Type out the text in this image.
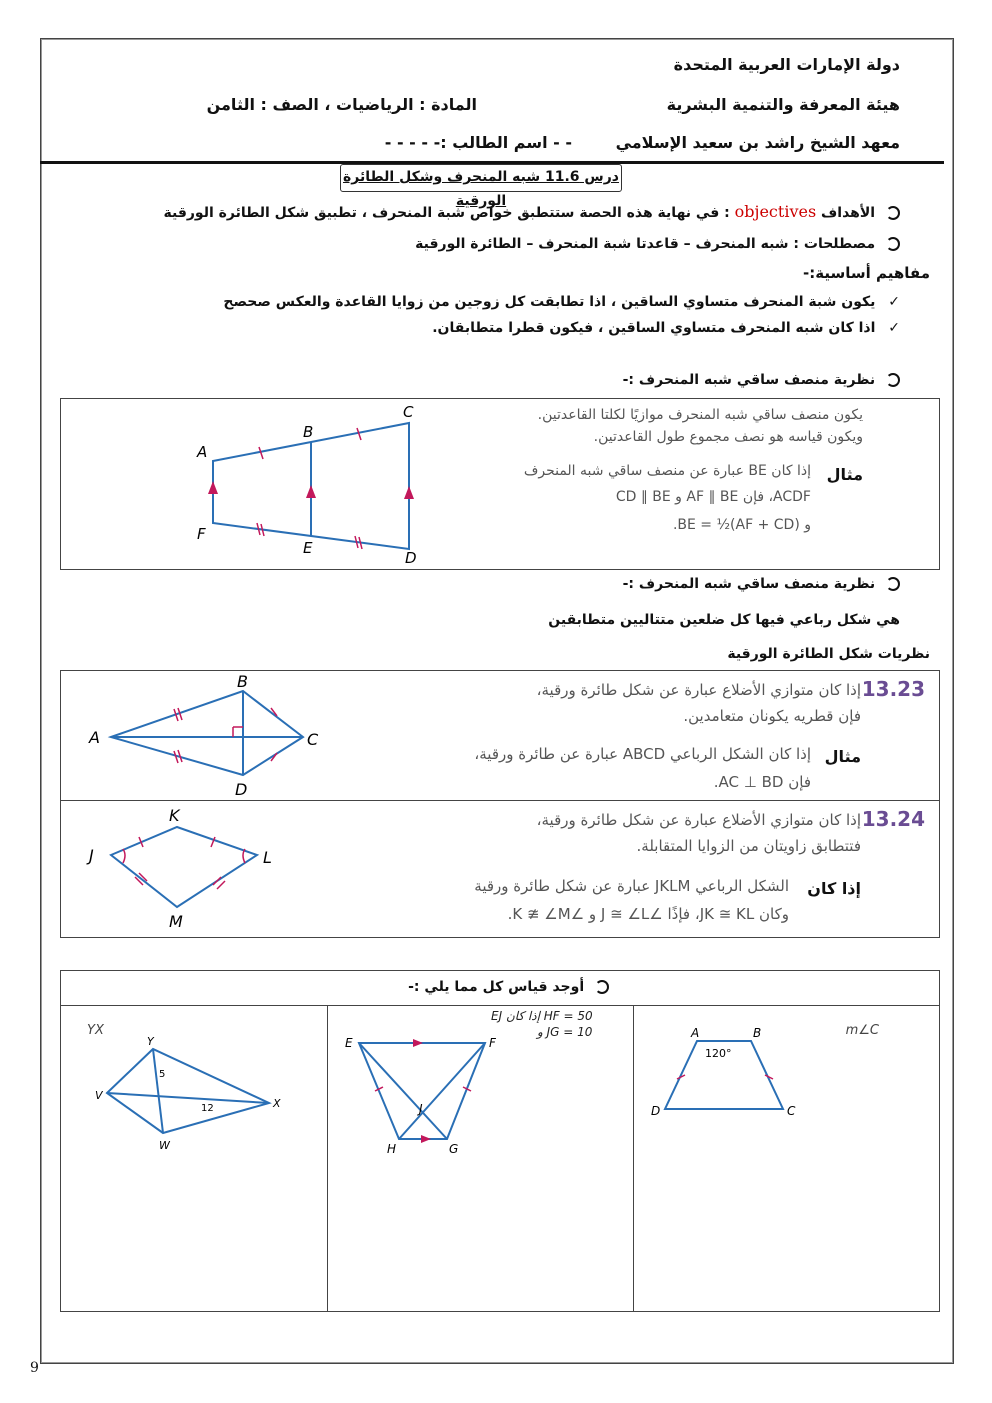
دولة الإمارات العربية المتحدة
هيئة المعرفة والتنمية البشرية
المادة : الرياضيات ، الصف : الثامن
معهد الشيخ راشد بن سعيد الإسلامي
- - اسم الطالب :- - - - -
درس 11.6 شبه المنحرف وشكل الطائرة الورقية
الأهداف objectives : في نهاية هذه الحصة ستتطبق خواص شبة المنحرف ، تطبيق شكل الطائرة الورقية
مصطلحات : شبه المنحرف – قاعدتا شبة المنحرف – الطائرة الورقية
مفاهيم أساسية:-
✓ يكون شبة المنحرف متساوي الساقين ، اذا تطابقت كل زوجين من زوايا القاعدة والعكس صحصح
✓ اذا كان شبه المنحرف متساوي الساقين ، فيكون قطرا متطابقان.
نظرية منصف ساقي شبه المنحرف :-
A
B
C
D
E
F
يكون منصف ساقي شبه المنحرف موازيًا لكلتا القاعدتين.
ويكون قياسه هو نصف مجموع طول القاعدتين.
مثال
إذا كان BE عبارة عن منصف ساقي شبه المنحرف
ACDF، فإن AF ∥ BE و CD ∥ BE
و BE = ½(AF + CD).
نظرية منصف ساقي شبه المنحرف :-
هي شكل رباعي فيها كل ضلعين متتاليين متطابقين
نظريات شكل الطائرة الورقية
A
B
C
D
13.23
إذا كان متوازي الأضلاع عبارة عن شكل طائرة ورقية،
فإن قطريه يكونان متعامدين.
مثال
إذا كان الشكل الرباعي ABCD عبارة عن طائرة ورقية،
فإن AC ⊥ BD.
J
K
L
M
13.24
إذا كان متوازي الأضلاع عبارة عن شكل طائرة ورقية،
فتتطابق زاويتان من الزوايا المتقابلة.
إذا كان
الشكل الرباعي JKLM عبارة عن شكل طائرة ورقية
وكان JK ≅ KL، فإذًا ∠J ≅ ∠L و ∠K ≇ ∠M.
أوجد قياس كل مما يلي :-
m∠C
A	B
C
D
120°
EJ إذا كان HF = 50
و JG = 10
E	F
G
H
J
YX
V
W
X
Y
5
12
9
